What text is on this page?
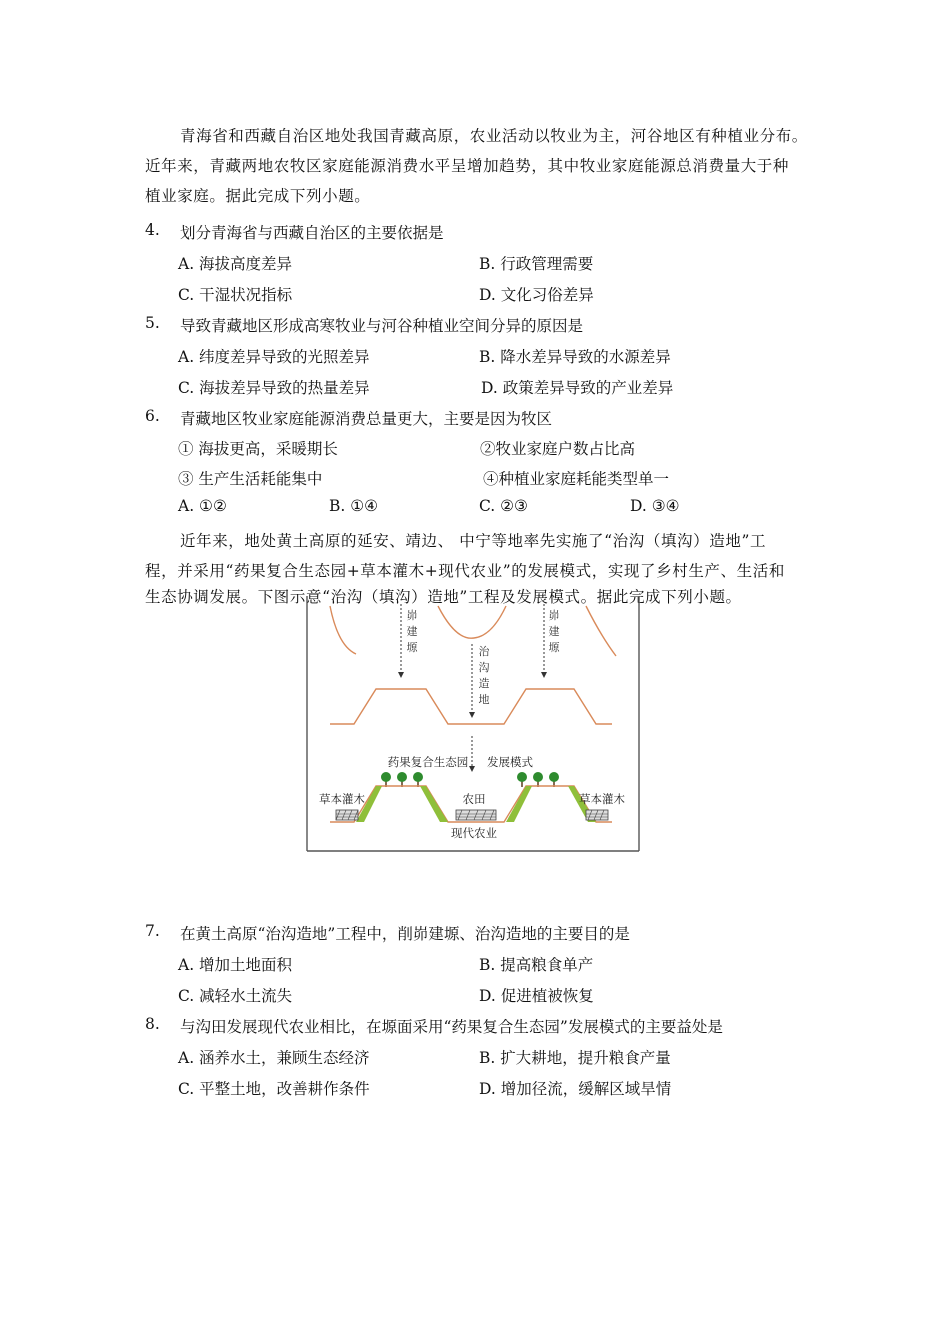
青海省和西藏自治区地处我国青藏高原，农业活动以牧业为主，河谷地区有种植业分布。
近年来，青藏两地农牧区家庭能源消费水平呈增加趋势，其中牧业家庭能源总消费量大于种
植业家庭。据此完成下列小题。
4. 划分青海省与西藏自治区的主要依据是
A. 海拔高度差异	B. 行政管理需要
C. 干湿状况指标	D. 文化习俗差异
5. 导致青藏地区形成高寒牧业与河谷种植业空间分异的原因是
A. 纬度差异导致的光照差异	B. 降水差异导致的水源差异
C. 海拔差异导致的热量差异	D. 政策差异导致的产业差异
6. 青藏地区牧业家庭能源消费总量更大，主要是因为牧区
① 海拔更高，采暖期长	②牧业家庭户数占比高
③ 生产生活耗能集中	④种植业家庭耗能类型单一
A. ①②	B. ①④	C. ②③	D. ③④
近年来，地处黄土高原的延安、靖边、 中宁等地率先实施了“治沟（填沟）造地”工
程，并采用“药果复合生态园+草本灌木+现代农业”的发展模式，实现了乡村生产、生活和
生态协调发展。下图示意“治沟（填沟）造地”工程及发展模式。据此完成下列小题。
峁
建
塬
峁
建
塬
治
沟
造
地
药果复合生态园 发展模式
草本灌木	草本灌木
农田
现代农业
7. 在黄土高原“治沟造地”工程中，削峁建塬、治沟造地的主要目的是
A. 增加土地面积	B. 提高粮食单产
C. 减轻水土流失	D. 促进植被恢复
8. 与沟田发展现代农业相比，在塬面采用“药果复合生态园”发展模式的主要益处是
A. 涵养水土，兼顾生态经济	B. 扩大耕地，提升粮食产量
C. 平整土地，改善耕作条件	D. 增加径流，缓解区域旱情
